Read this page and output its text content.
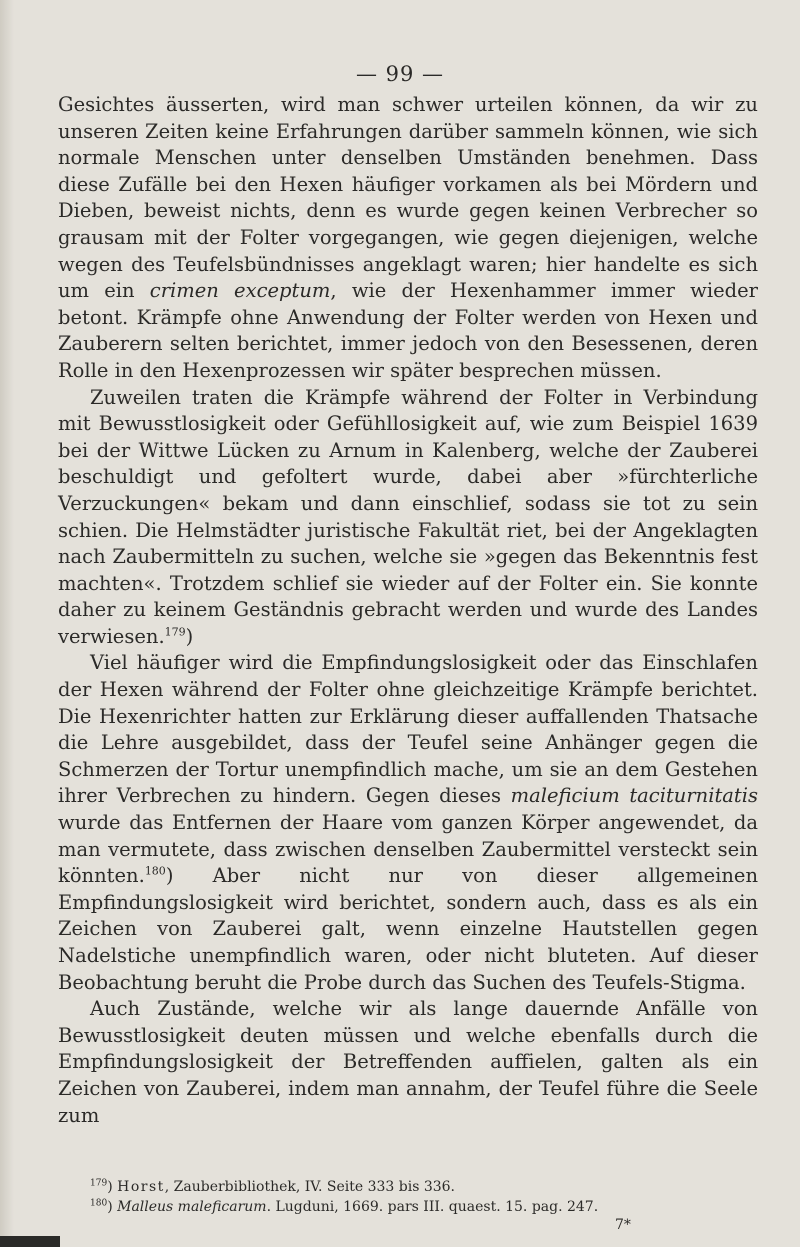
— 99 —

Gesichtes äusserten, wird man schwer urteilen können, da wir zu unseren Zeiten keine Erfahrungen darüber sammeln können, wie sich normale Menschen unter denselben Umständen benehmen. Dass diese Zufälle bei den Hexen häufiger vorkamen als bei Mördern und Dieben, beweist nichts, denn es wurde gegen keinen Verbrecher so grausam mit der Folter vorgegangen, wie gegen diejenigen, welche wegen des Teufelsbündnisses angeklagt waren; hier handelte es sich um ein crimen exceptum, wie der Hexenhammer immer wieder betont. Krämpfe ohne Anwendung der Folter werden von Hexen und Zauberern selten berichtet, immer jedoch von den Besessenen, deren Rolle in den Hexenprozessen wir später besprechen müssen.

Zuweilen traten die Krämpfe während der Folter in Verbindung mit Bewusstlosigkeit oder Gefühllosigkeit auf, wie zum Beispiel 1639 bei der Wittwe Lücken zu Arnum in Kalenberg, welche der Zauberei beschuldigt und gefoltert wurde, dabei aber »fürchterliche Verzuckungen« bekam und dann einschlief, sodass sie tot zu sein schien. Die Helmstädter juristische Fakultät riet, bei der Angeklagten nach Zaubermitteln zu suchen, welche sie »gegen das Bekenntnis fest machten«. Trotzdem schlief sie wieder auf der Folter ein. Sie konnte daher zu keinem Geständnis gebracht werden und wurde des Landes verwiesen.$^{179}$)

Viel häufiger wird die Empfindungslosigkeit oder das Einschlafen der Hexen während der Folter ohne gleichzeitige Krämpfe berichtet. Die Hexenrichter hatten zur Erklärung dieser auffallenden Thatsache die Lehre ausgebildet, dass der Teufel seine Anhänger gegen die Schmerzen der Tortur unempfindlich mache, um sie an dem Gestehen ihrer Verbrechen zu hindern. Gegen dieses maleficium taciturnitatis wurde das Entfernen der Haare vom ganzen Körper angewendet, da man vermutete, dass zwischen denselben Zaubermittel versteckt sein könnten.$^{180}$) Aber nicht nur von dieser allgemeinen Empfindungslosigkeit wird berichtet, sondern auch, dass es als ein Zeichen von Zauberei galt, wenn einzelne Hautstellen gegen Nadelstiche unempfindlich waren, oder nicht bluteten. Auf dieser Beobachtung beruht die Probe durch das Suchen des Teufels-Stigma.

Auch Zustände, welche wir als lange dauernde Anfälle von Bewusstlosigkeit deuten müssen und welche ebenfalls durch die Empfindungslosigkeit der Betreffenden auffielen, galten als ein Zeichen von Zauberei, indem man annahm, der Teufel führe die Seele zum

$^{179}$) Horst, Zauberbibliothek, IV. Seite 333 bis 336.

$^{180}$) Malleus maleficarum. Lugduni, 1669. pars III. quaest. 15. pag. 247.

7*
